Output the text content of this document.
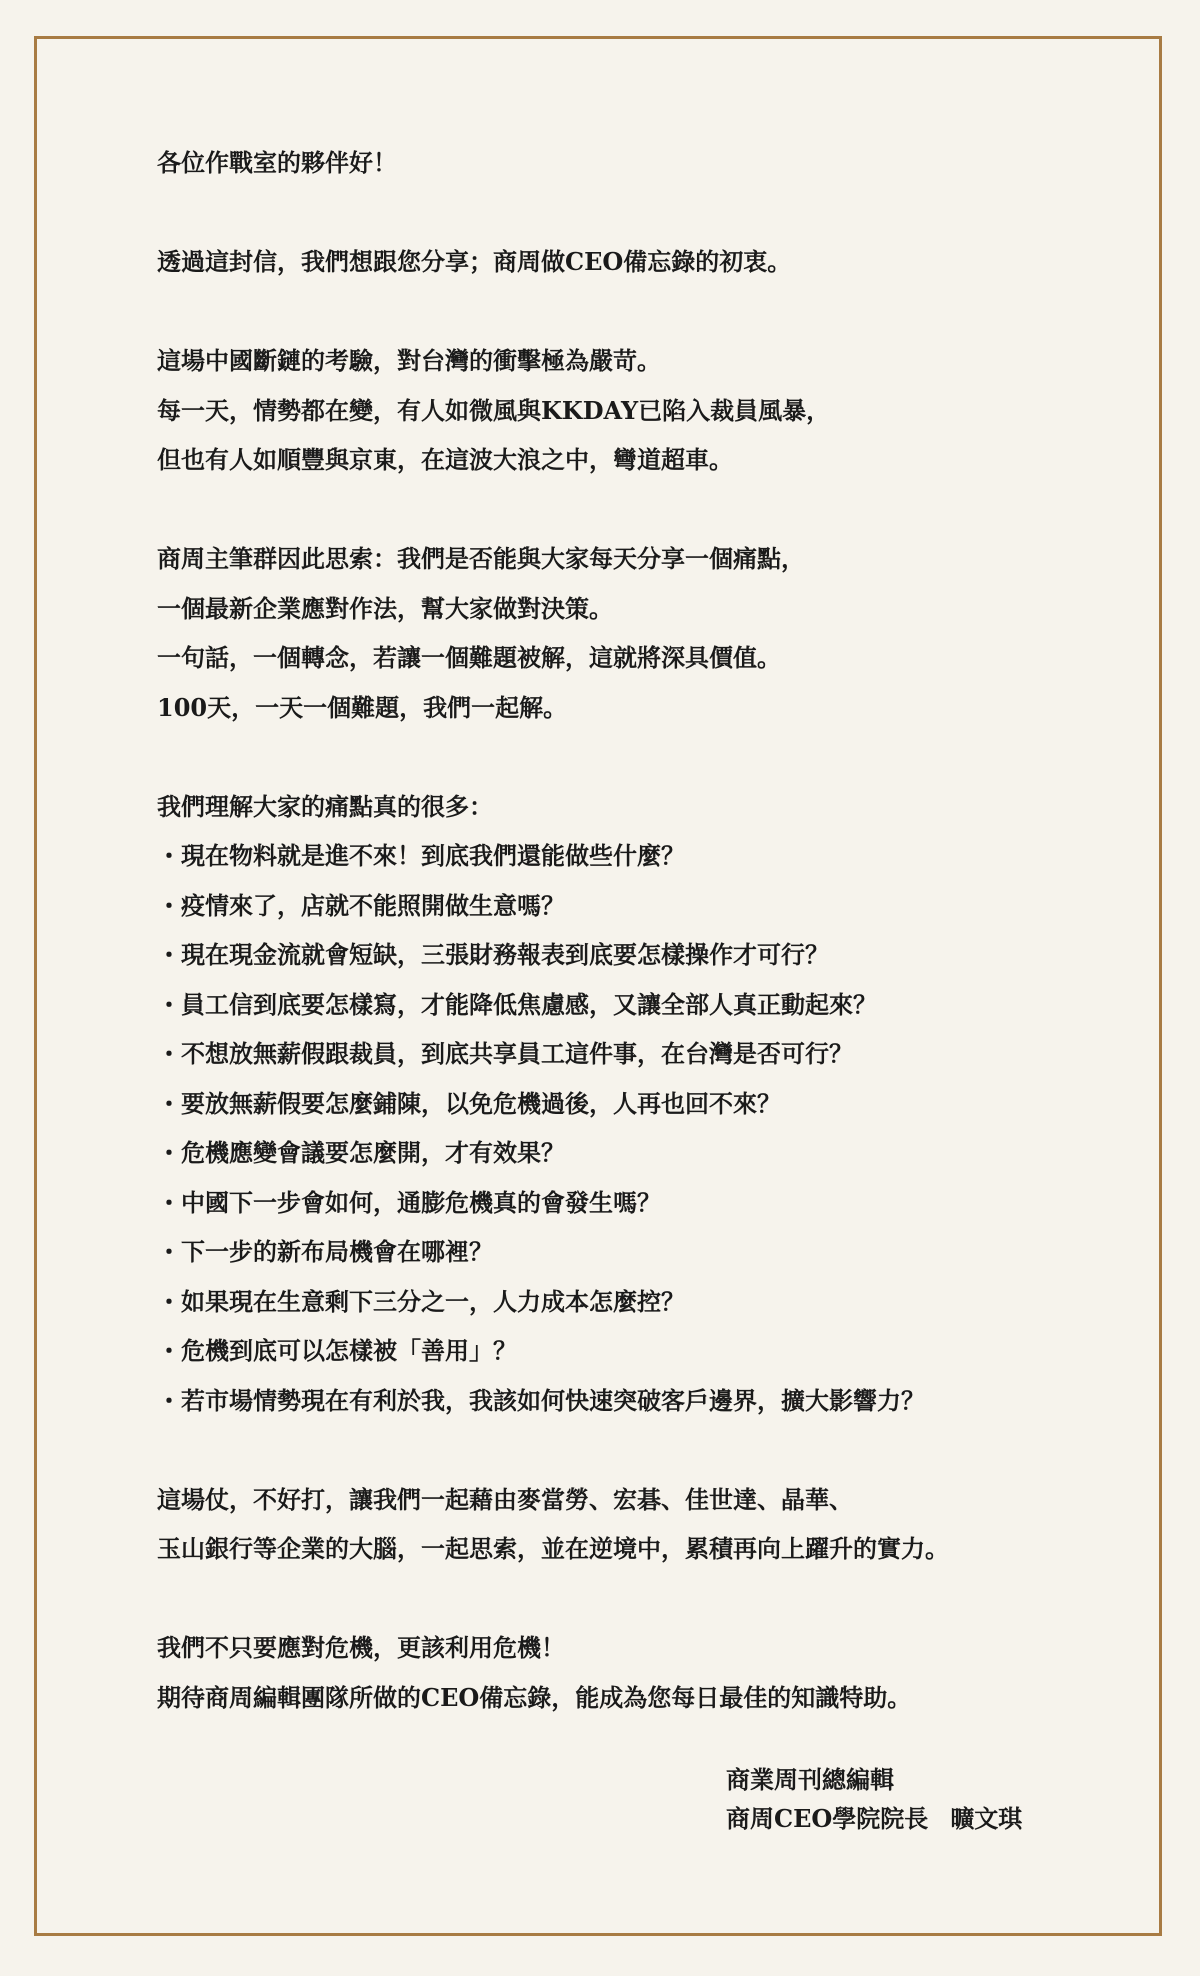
各位作戰室的夥伴好！
透過這封信，我們想跟您分享；商周做CEO備忘錄的初衷。
這場中國斷鏈的考驗，對台灣的衝擊極為嚴苛。
每一天，情勢都在變，有人如微風與KKDAY已陷入裁員風暴，
但也有人如順豐與京東，在這波大浪之中，彎道超車。
商周主筆群因此思索：我們是否能與大家每天分享一個痛點，
一個最新企業應對作法，幫大家做對決策。
一句話，一個轉念，若讓一個難題被解，這就將深具價值。
100天，一天一個難題，我們一起解。
我們理解大家的痛點真的很多：
・現在物料就是進不來！到底我們還能做些什麼？
・疫情來了，店就不能照開做生意嗎？
・現在現金流就會短缺，三張財務報表到底要怎樣操作才可行？
・員工信到底要怎樣寫，才能降低焦慮感，又讓全部人真正動起來？
・不想放無薪假跟裁員，到底共享員工這件事，在台灣是否可行？
・要放無薪假要怎麼鋪陳，以免危機過後，人再也回不來？
・危機應變會議要怎麼開，才有效果？
・中國下一步會如何，通膨危機真的會發生嗎？
・下一步的新布局機會在哪裡？
・如果現在生意剩下三分之一，人力成本怎麼控？
・危機到底可以怎樣被「善用」？
・若市場情勢現在有利於我，我該如何快速突破客戶邊界，擴大影響力？
這場仗，不好打，讓我們一起藉由麥當勞、宏碁、佳世達、晶華、
玉山銀行等企業的大腦，一起思索，並在逆境中，累積再向上躍升的實力。
我們不只要應對危機，更該利用危機！
期待商周編輯團隊所做的CEO備忘錄，能成為您每日最佳的知識特助。
商業周刊總編輯
商周CEO學院院長 曠文琪
